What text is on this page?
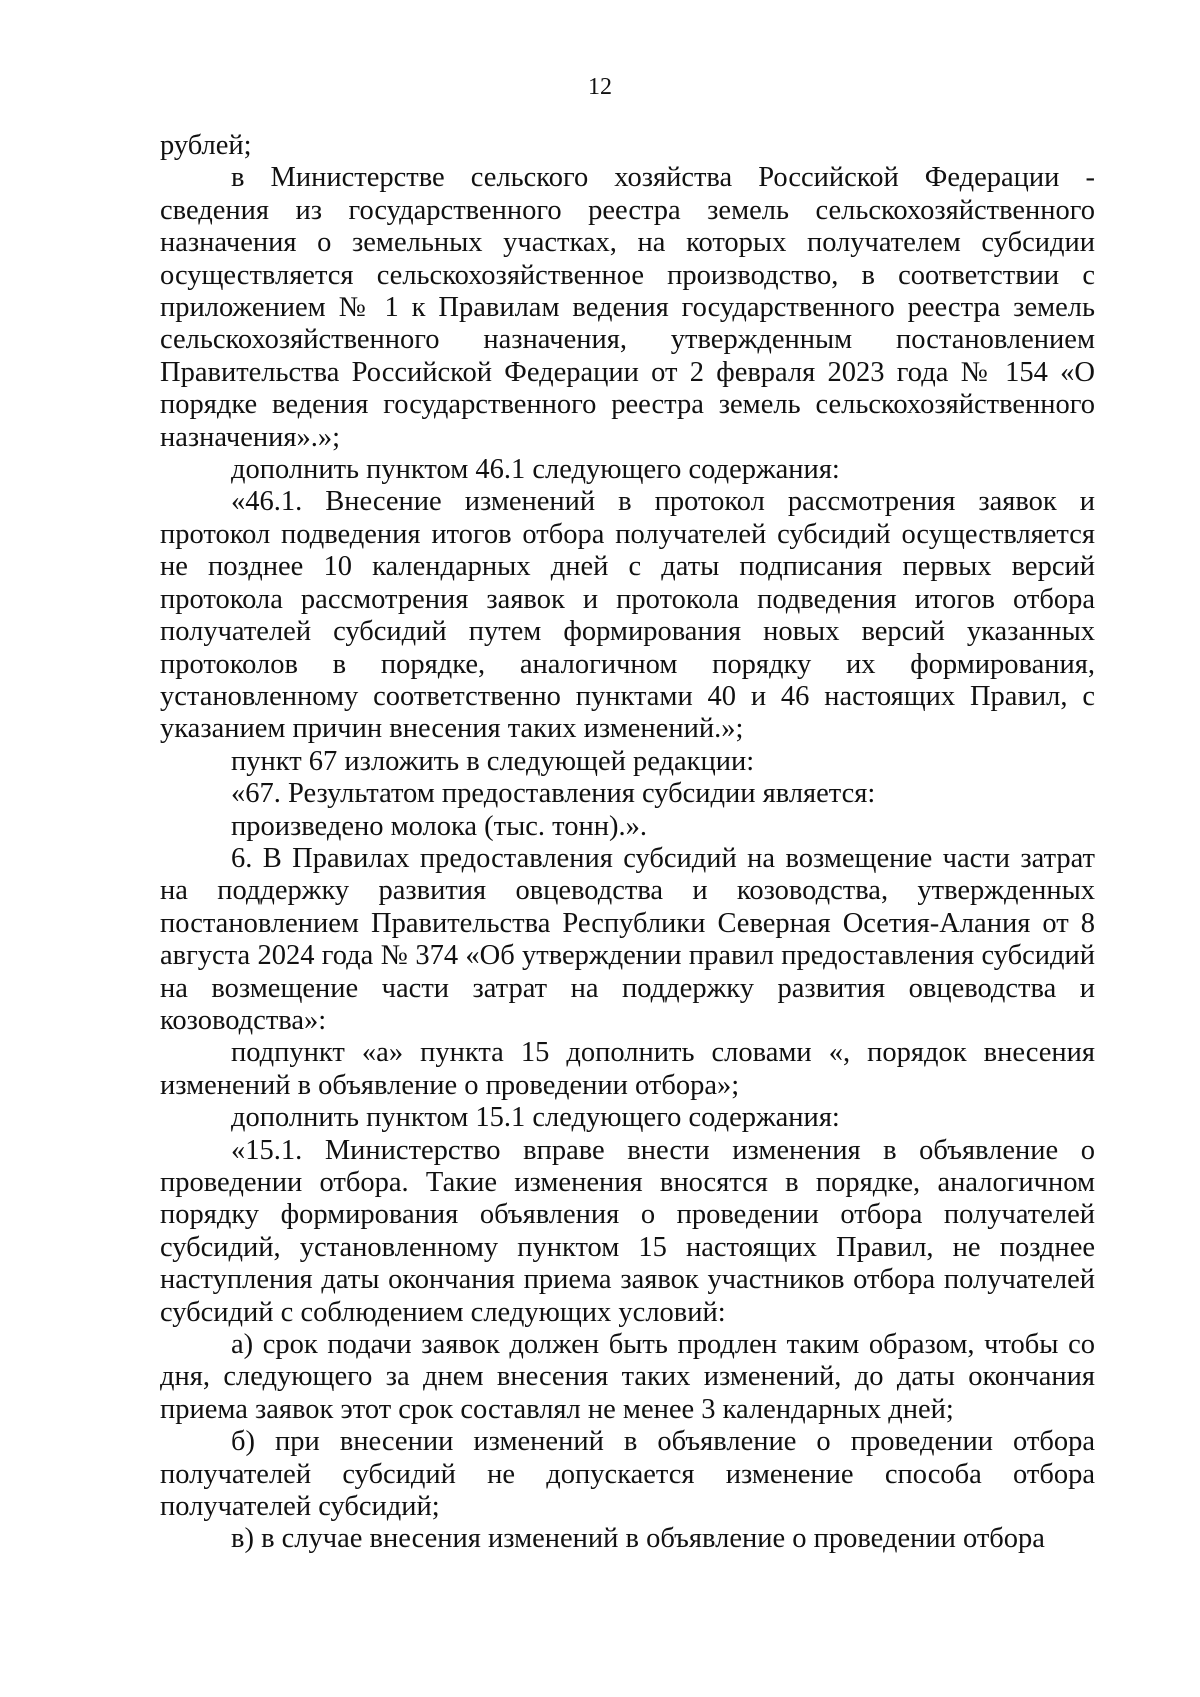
12

рублей;

в Министерстве сельского хозяйства Российской Федерации - сведения из государственного реестра земель сельскохозяйственного назначения о земельных участках, на которых получателем субсидии осуществляется сельскохозяйственное производство, в соответствии с приложением № 1 к Правилам ведения государственного реестра земель сельскохозяйственного назначения, утвержденным постановлением Правительства Российской Федерации от 2 февраля 2023 года № 154 «О порядке ведения государственного реестра земель сельскохозяйственного назначения».»;

дополнить пунктом 46.1 следующего содержания:

«46.1. Внесение изменений в протокол рассмотрения заявок и протокол подведения итогов отбора получателей субсидий осуществляется не позднее 10 календарных дней с даты подписания первых версий протокола рассмотрения заявок и протокола подведения итогов отбора получателей субсидий путем формирования новых версий указанных протоколов в порядке, аналогичном порядку их формирования, установленному соответственно пунктами 40 и 46 настоящих Правил, с указанием причин внесения таких изменений.»;

пункт 67 изложить в следующей редакции:

«67. Результатом предоставления субсидии является:

произведено молока (тыс. тонн).».

6. В Правилах предоставления субсидий на возмещение части затрат на поддержку развития овцеводства и козоводства, утвержденных постановлением Правительства Республики Северная Осетия-Алания от 8 августа 2024 года № 374 «Об утверждении правил предоставления субсидий на возмещение части затрат на поддержку развития овцеводства и козоводства»:

подпункт «а» пункта 15 дополнить словами «, порядок внесения изменений в объявление о проведении отбора»;

дополнить пунктом 15.1 следующего содержания:

«15.1. Министерство вправе внести изменения в объявление о проведении отбора. Такие изменения вносятся в порядке, аналогичном порядку формирования объявления о проведении отбора получателей субсидий, установленному пунктом 15 настоящих Правил, не позднее наступления даты окончания приема заявок участников отбора получателей субсидий с соблюдением следующих условий:

а) срок подачи заявок должен быть продлен таким образом, чтобы со дня, следующего за днем внесения таких изменений, до даты окончания приема заявок этот срок составлял не менее 3 календарных дней;

б) при внесении изменений в объявление о проведении отбора получателей субсидий не допускается изменение способа отбора получателей субсидий;

в) в случае внесения изменений в объявление о проведении отбора
